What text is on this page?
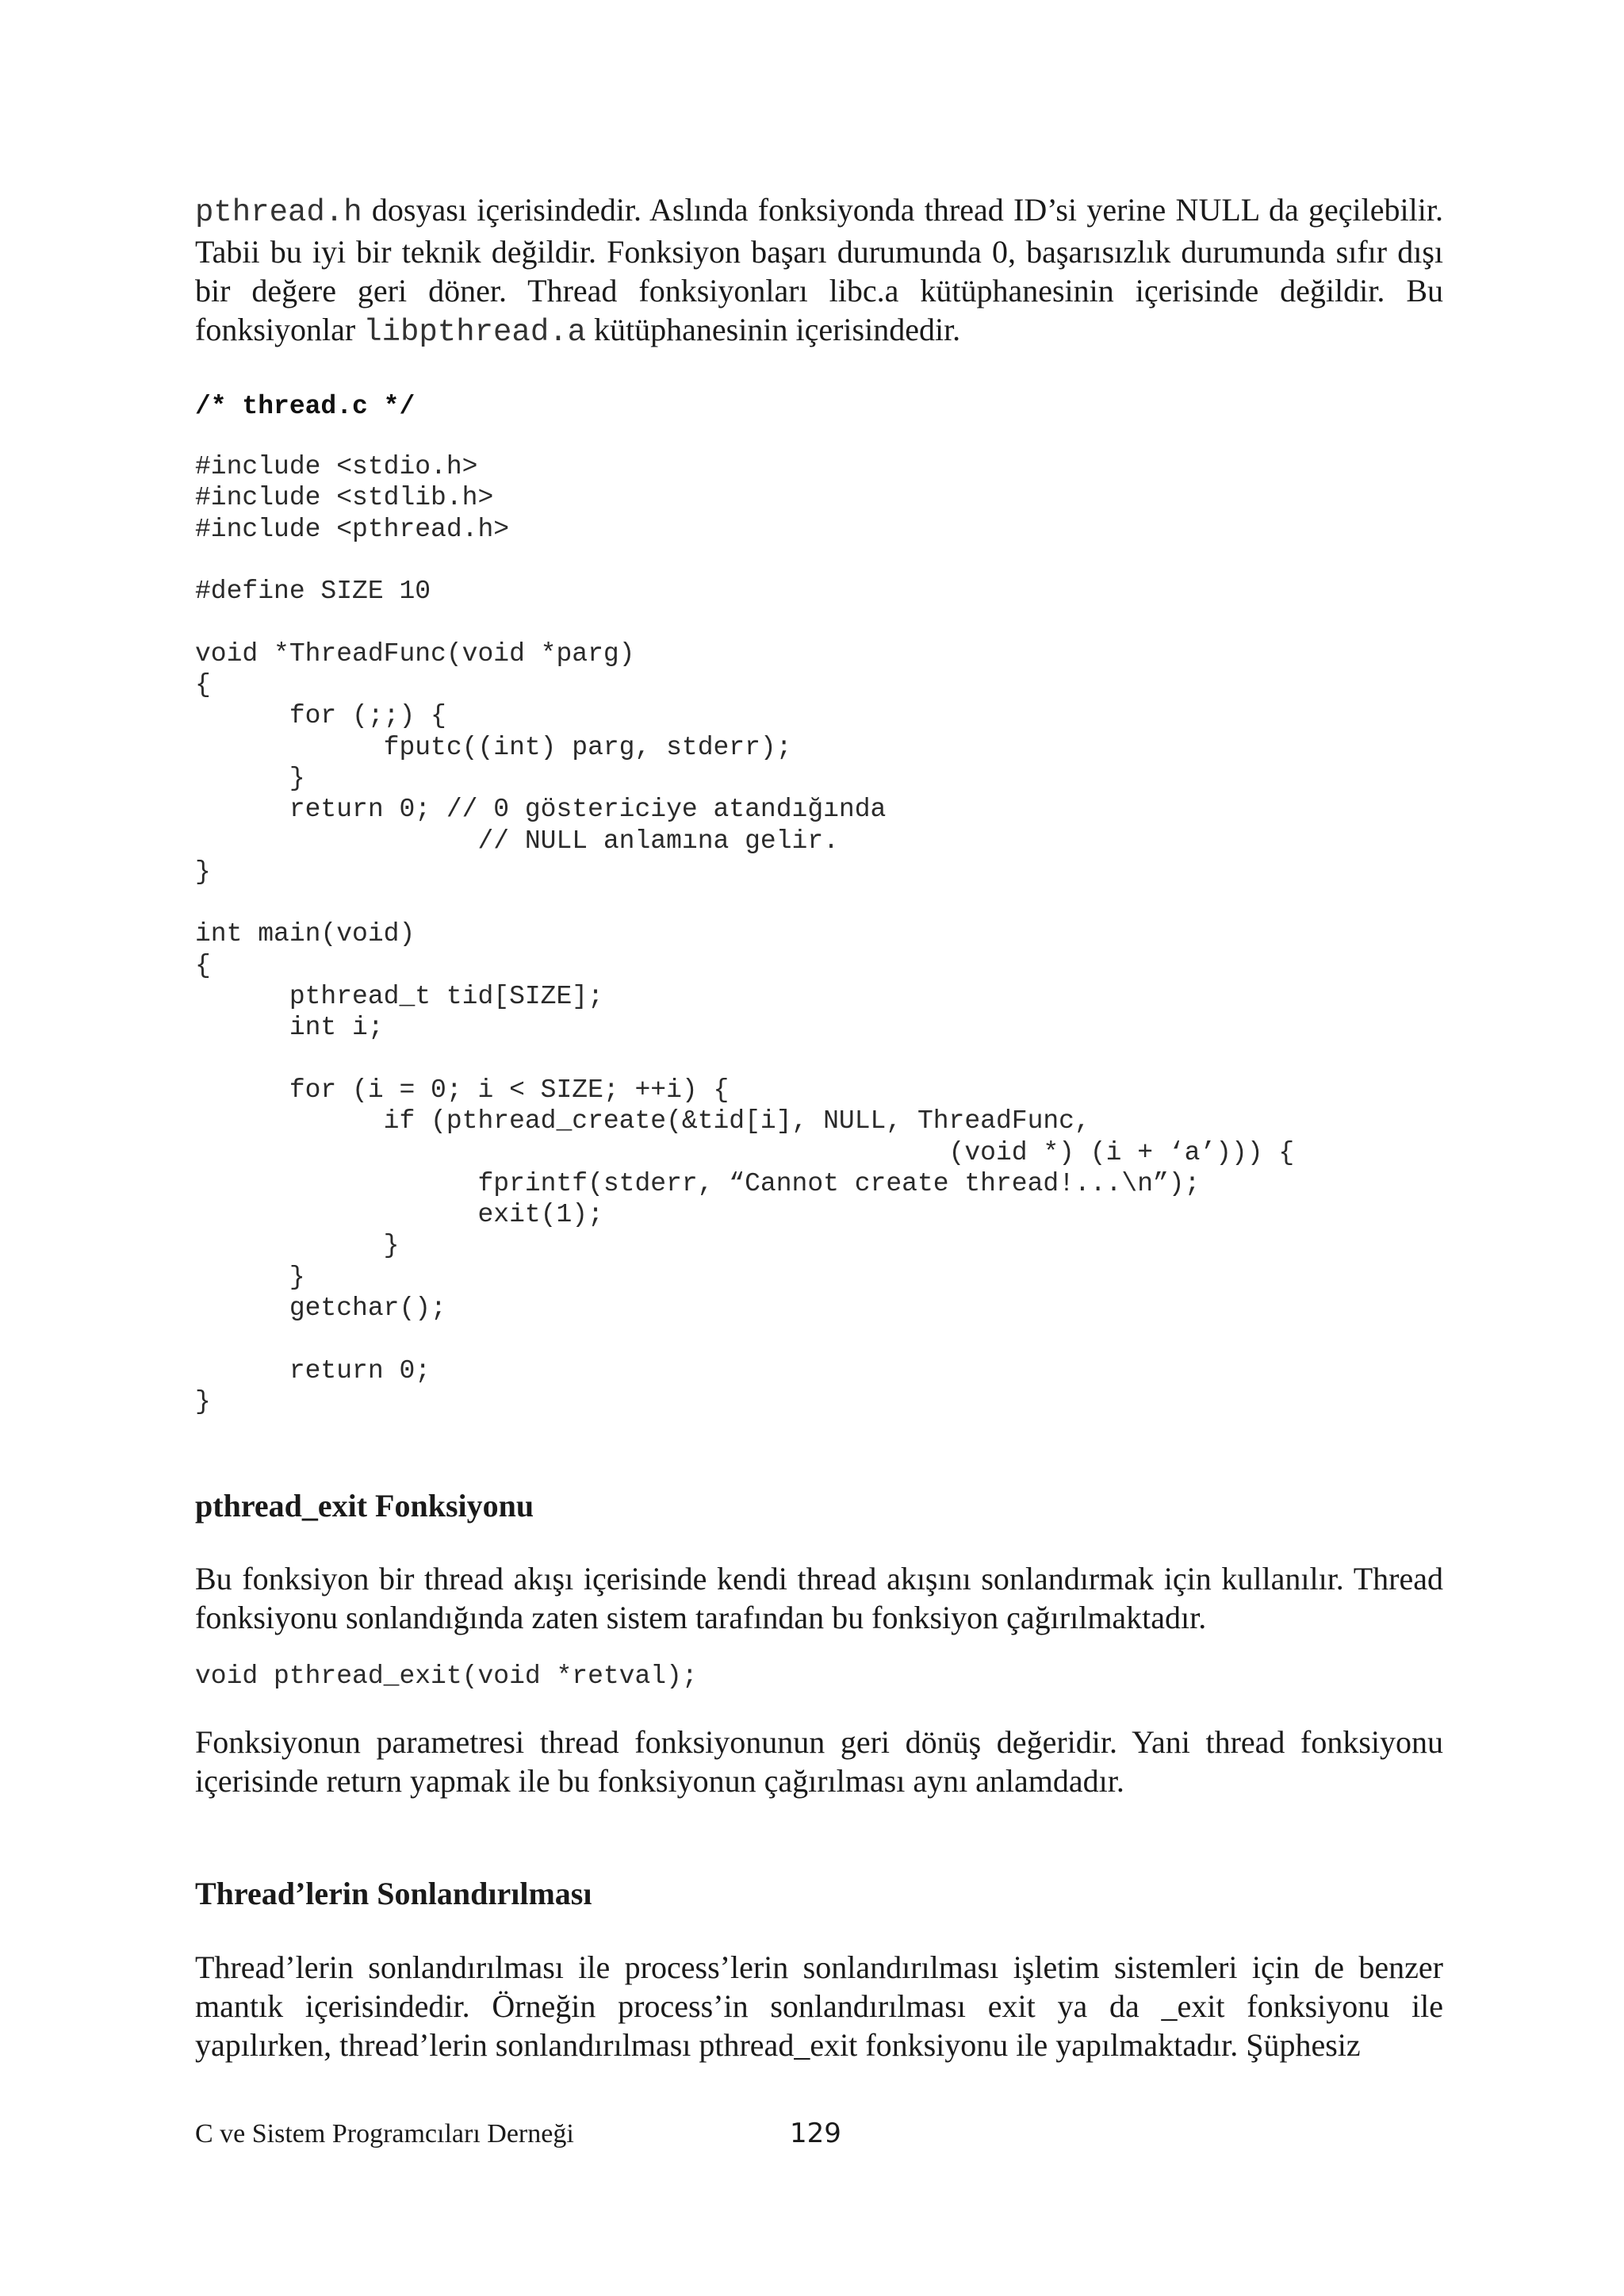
pthread.h dosyası içerisindedir. Aslında fonksiyonda thread ID’si yerine NULL da geçilebilir. Tabii bu iyi bir teknik değildir. Fonksiyon başarı durumunda 0, başarısızlık durumunda sıfır dışı bir değere geri döner. Thread fonksiyonları libc.a kütüphanesinin içerisinde değildir. Bu fonksiyonlar libpthread.a kütüphanesinin içerisindedir.

/* thread.c */
#include <stdio.h>
#include <stdlib.h>
#include <pthread.h>

#define SIZE 10

void *ThreadFunc(void *parg)
{
for (;;) {
fputc((int) parg, stderr);
}
return 0; // 0 göstericiye atandığında
// NULL anlamına gelir.
}

int main(void)
{
pthread_t tid[SIZE];
int i;

for (i = 0; i < SIZE; ++i) {
if (pthread_create(&tid[i], NULL, ThreadFunc,
(void *) (i + ‘a’))) {
fprintf(stderr, “Cannot create thread!...\n”);
exit(1);
}
}
getchar();

return 0;
}
pthread_exit Fonksiyonu

Bu fonksiyon bir thread akışı içerisinde kendi thread akışını sonlandırmak için kullanılır. Thread fonksiyonu sonlandığında zaten sistem tarafından bu fonksiyon çağırılmaktadır.

void pthread_exit(void *retval);

Fonksiyonun parametresi thread fonksiyonunun geri dönüş değeridir. Yani thread fonksiyonu içerisinde return yapmak ile bu fonksiyonun çağırılması aynı anlamdadır.

Thread’lerin Sonlandırılması

Thread’lerin sonlandırılması ile process’lerin sonlandırılması işletim sistemleri için de benzer mantık içerisindedir. Örneğin process’in sonlandırılması exit ya da _exit fonksiyonu ile yapılırken, thread’lerin sonlandırılması pthread_exit fonksiyonu ile yapılmaktadır. Şüphesiz

C ve Sistem Programcıları Derneği	129
